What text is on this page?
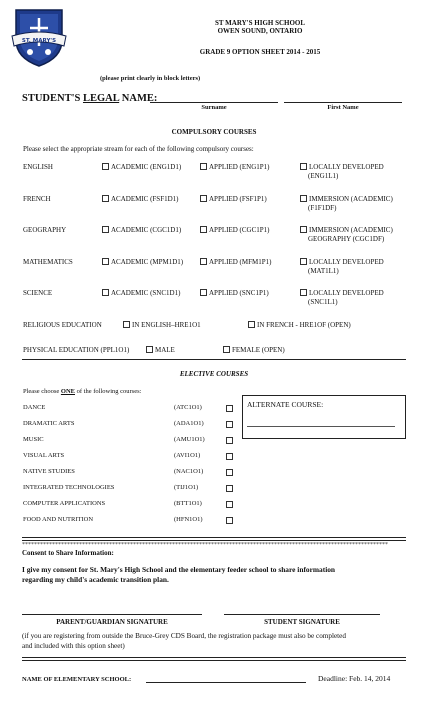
ST. MARY'S
ST MARY'S HIGH SCHOOL
OWEN SOUND, ONTARIO
GRADE 9 OPTION SHEET 2014 - 2015
(please print clearly in block letters)
STUDENT'S LEGAL NAME:
Surname	First Name
COMPULSORY COURSES
Please select the appropriate stream for each of the following compulsory courses:
ENGLISH	ACADEMIC (ENG1D1)	APPLIED (ENG1P1)	LOCALLY DEVELOPED
(ENG1L1)
FRENCH	ACADEMIC (FSF1D1)	APPLIED (FSF1P1)	IMMERSION (ACADEMIC)
(F1F1DF)
GEOGRAPHY	ACADEMIC (CGC1D1)	APPLIED (CGC1P1)	IMMERSION (ACADEMIC)
GEOGRAPHY (CGC1DF)
MATHEMATICS	ACADEMIC (MPM1D1)	APPLIED (MFM1P1)	LOCALLY DEVELOPED
(MAT1L1)
SCIENCE	ACADEMIC (SNC1D1)	APPLIED (SNC1P1)	LOCALLY DEVELOPED
(SNC1L1)
RELIGIOUS EDUCATION	IN ENGLISH–HRE1O1	IN FRENCH - HRE1OF (OPEN)
PHYSICAL EDUCATION (PPL1O1)	MALE	FEMALE (OPEN)
ELECTIVE COURSES
Please choose ONE of the following courses:
DANCE	(ATC1O1)
DRAMATIC ARTS	(ADA1O1)
MUSIC	(AMU1O1)
VISUAL ARTS	(AVI1O1)
NATIVE STUDIES	(NAC1O1)
INTEGRATED TECHNOLOGIES	(TIJ1O1)
COMPUTER APPLICATIONS	(BTT1O1)
FOOD AND NUTRITION	(HFN1O1)
ALTERNATE COURSE:
**************************************************************************************************************************
Consent to Share Information:
I give my consent for St. Mary's High School and the elementary feeder school to share information
regarding my child's academic transition plan.
PARENT/GUARDIAN SIGNATURE	STUDENT SIGNATURE
(if you are registering from outside the Bruce-Grey CDS Board, the registration package must also be completed
and included with this option sheet)
NAME OF ELEMENTARY SCHOOL:	Deadline: Feb. 14, 2014
